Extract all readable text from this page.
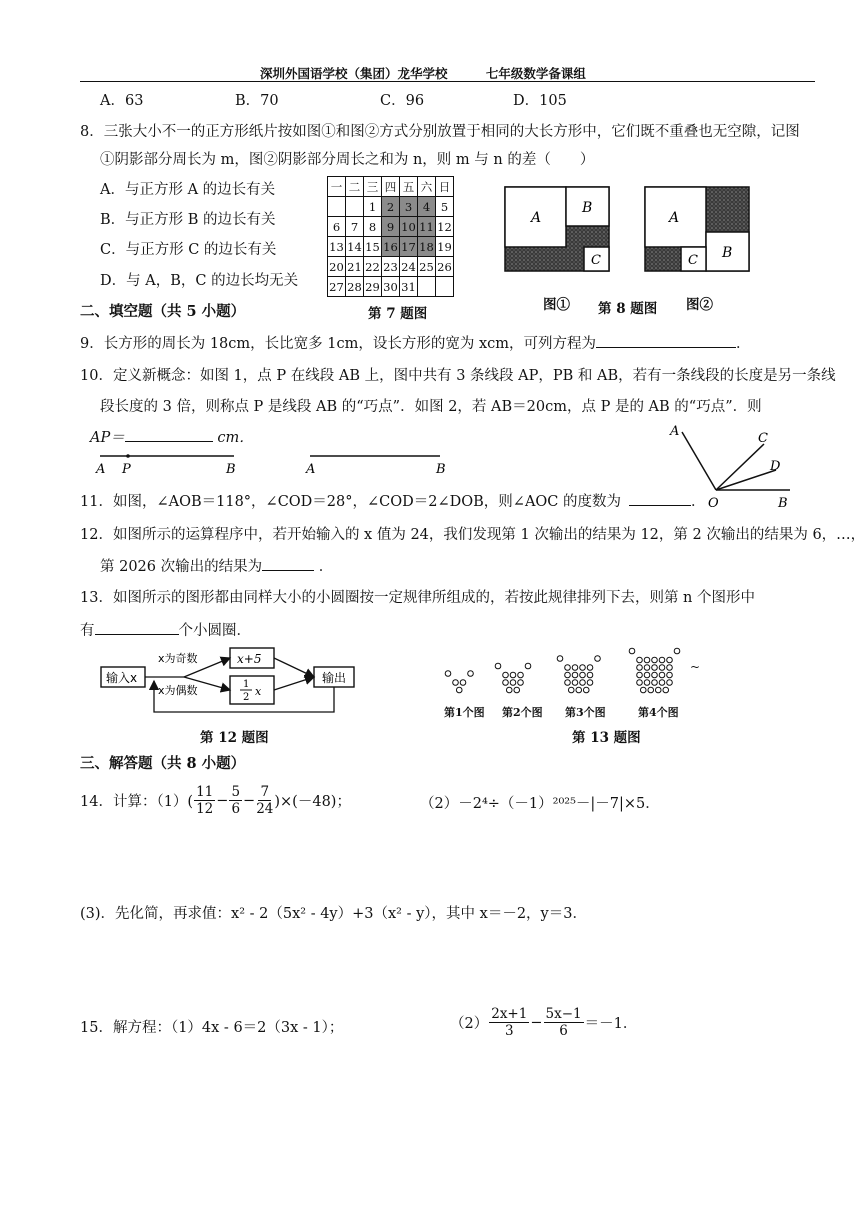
深圳外国语学校（集团）龙华学校	七年级数学备课组
A．63	B．70	C．96	D．105
8．三张大小不一的正方形纸片按如图①和图②方式分别放置于相同的大长方形中，它们既不重叠也无空隙，记图
①阴影部分周长为 m，图②阴影部分周长之和为 n，则 m 与 n 的差（　　）
A．与正方形 A 的边长有关
B．与正方形 B 的边长有关
C．与正方形 C 的边长有关
D．与 A，B，C 的边长均无关
一	二	三	四	五	六	日
		1	2	3	4	5
6	7	8	9	10	11	12
13	14	15	16	17	18	19
20	21	22	23	24	25	26
27	28	29	30	31		
第 7 题图
A
B
C
A
B
C
图① 第 8 题图 图②
二、填空题（共 5 小题）
9．长方形的周长为 18cm，长比宽多 1cm，设长方形的宽为 xcm，可列方程为	．
10．定义新概念：如图 1，点 P 在线段 AB 上，图中共有 3 条线段 AP，PB 和 AB，若有一条线段的长度是另一条线
段长度的 3 倍，则称点 P 是线段 AB 的“巧点”．如图 2，若 AB＝20cm，点 P 是的 AB 的“巧点”．则
AP＝	cm．
A P	B	A	B
A	C
D
O	B
11．如图，∠AOB＝118°，∠COD＝28°，∠COD＝2∠DOB，则∠AOC 的度数为	．
12．如图所示的运算程序中，若开始输入的 x 值为 24，我们发现第 1 次输出的结果为 12，第 2 次输出的结果为 6，…，
第 2026 次输出的结果为	．
13．如图所示的图形都由同样大小的小圆圈按一定规律所组成的，若按此规律排列下去，则第 n 个图形中
有	个小圆圈．
输入x
x+5
1
2 x
输出
x为奇数
x为偶数
第 12 题图
第1个图 第2个图 第3个图	第4个图
~
第 13 题图
三、解答题（共 8 小题）
14．计算：$(1)( \frac{11}{12} - \frac{5}{6} - \frac{7}{24} )\times(-48)$；	（2）－2⁴÷（－1）²⁰²⁵－|－7|×5．
(3)．先化简，再求值：x² - 2（5x² - 4y）+3（x² - y），其中 x＝－2，y＝3．
15．解方程：（1）4x - 6＝2（3x - 1）；	$(2) \frac{2x+1}{3} - \frac{5x-1}{6} =-1$．
